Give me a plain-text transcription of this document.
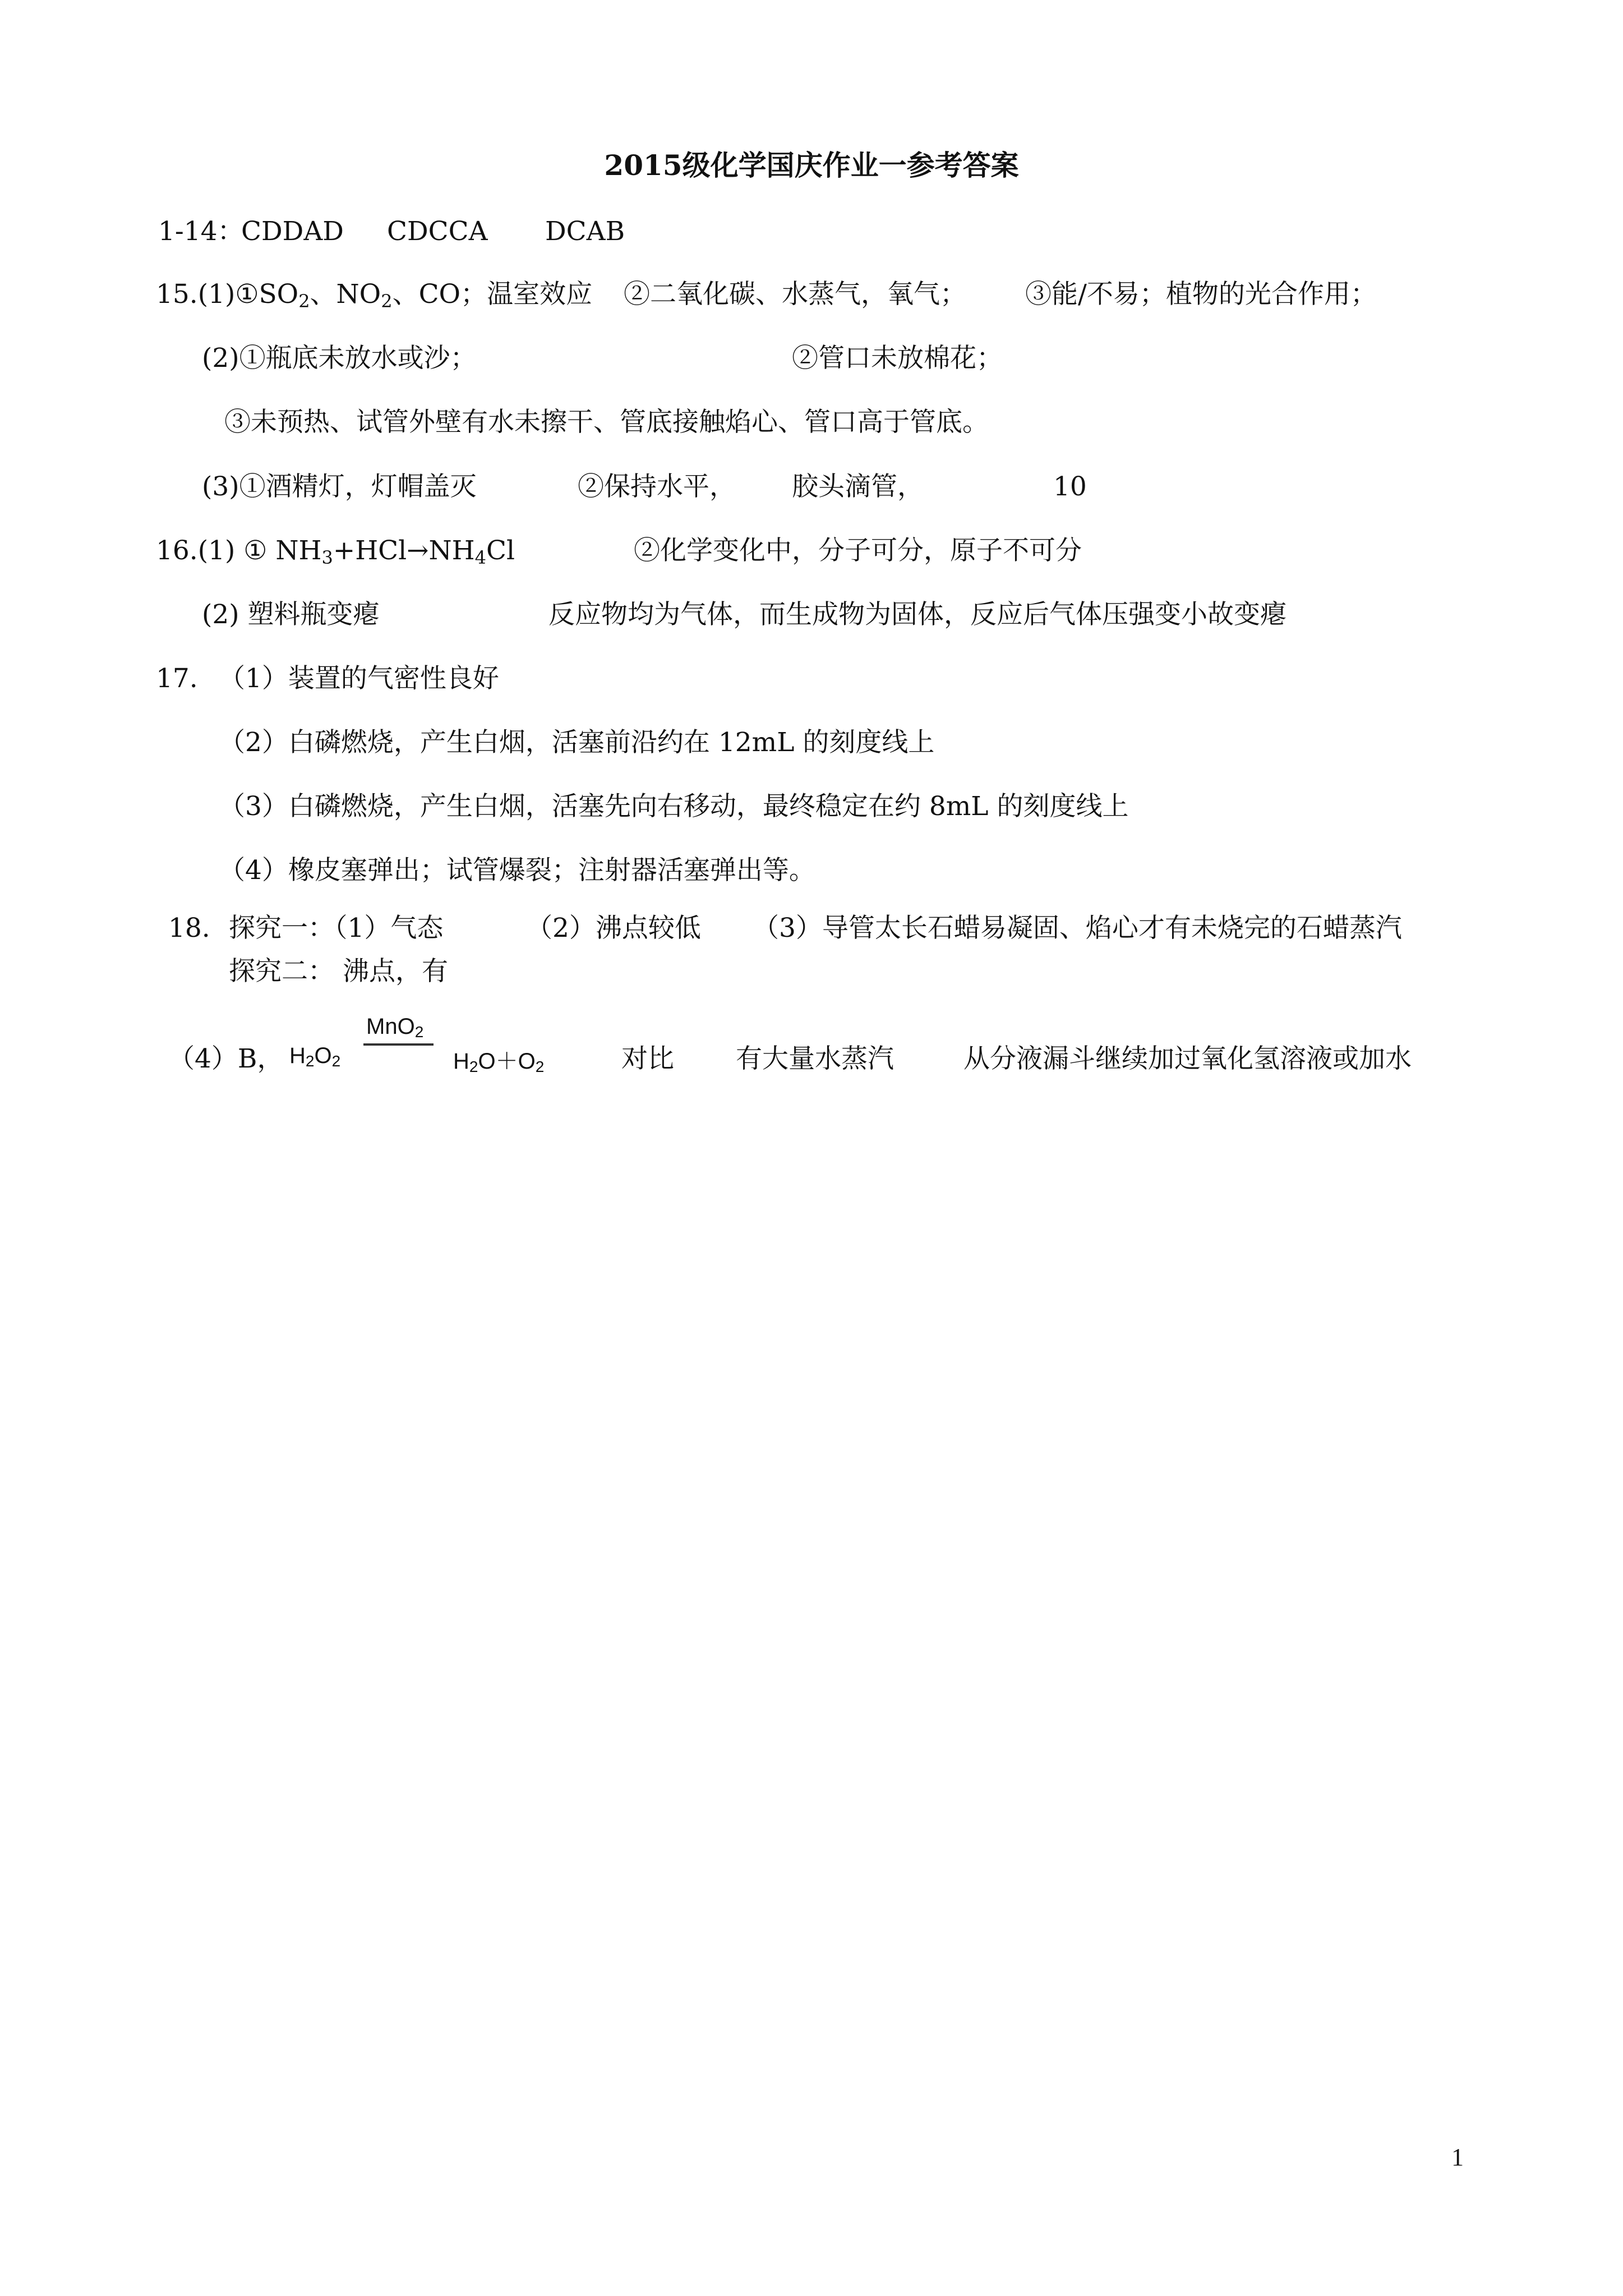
2015级化学国庆作业一参考答案
1-14：
CDDAD CDCCA DCAB
$15.(1)①SO_2$、$NO_2$、CO；温室效应 ②二氧化碳、水蒸气，氧气； ③能/不易；植物的光合作用；
(2)①瓶底未放水或沙；	②管口未放棉花；
③未预热、试管外壁有水未擦干、管底接触焰心、管口高于管底。
(3)①酒精灯，灯帽盖灭	②保持水平， 胶头滴管，	10
16.(1) ① $NH_3+HCl\to NH_4Cl$	②化学变化中，分子可分，原子不可分
(2) 塑料瓶变瘪	反应物均为气体，而生成物为固体，反应后气体压强变小故变瘪
17. （1）装置的气密性良好
（2）白磷燃烧，产生白烟，活塞前沿约在 12mL 的刻度线上
（3）白磷燃烧，产生白烟，活塞先向右移动，最终稳定在约 8mL 的刻度线上
（4）橡皮塞弹出；试管爆裂；注射器活塞弹出等。
18. 探究一：（1）气态	（2）沸点较低 （3）导管太长石蜡易凝固、焰心才有未烧完的石蜡蒸汽
探究二： 沸点，有
（4）B，	对比 有大量水蒸汽	从分液漏斗继续加过氧化氢溶液或加水
H2O2
MnO2
H2O＋O2
1
